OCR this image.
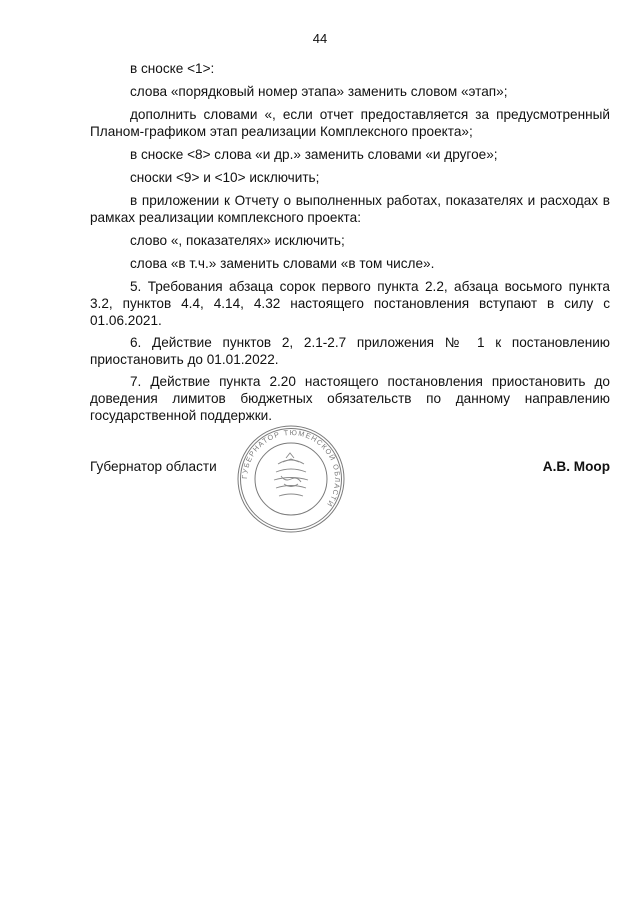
44

в сноске <1>:

слова «порядковый номер этапа» заменить словом «этап»;

дополнить словами «, если отчет предоставляется за предусмотренный Планом-графиком этап реализации Комплексного проекта»;

в сноске <8> слова «и др.» заменить словами «и другое»;

сноски <9> и <10> исключить;

в приложении к Отчету о выполненных работах, показателях и расходах в рамках реализации комплексного проекта:

слово «, показателях» исключить;

слова «в т.ч.» заменить словами «в том числе».

5. Требования абзаца сорок первого пункта 2.2, абзаца восьмого пункта 3.2, пунктов 4.4, 4.14, 4.32 настоящего постановления вступают в силу с 01.06.2021.

6. Действие пунктов 2, 2.1-2.7 приложения № 1 к постановлению приостановить до 01.01.2022.

7. Действие пункта 2.20 настоящего постановления приостановить до доведения лимитов бюджетных обязательств по данному направлению государственной поддержки.

ГУБЕРНАТОР ТЮМЕНСКОЙ ОБЛАСТИ
Губернатор области	А.В. Моор
